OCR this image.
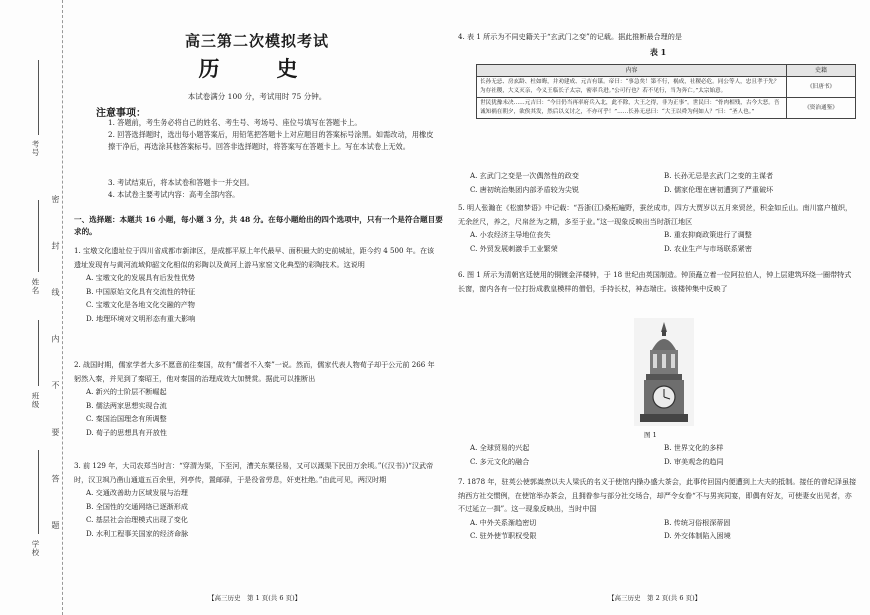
考号
姓名
班级
学校
密 封 线 内 不 要 答 题
高三第二次模拟考试
历　史
本试卷满分 100 分，考试用时 75 分钟。
注意事项：
1. 答题前，考生务必将自己的姓名、考生号、考场号、座位号填写在答题卡上。
2. 回答选择题时，选出每小题答案后，用铅笔把答题卡上对应题目的答案标号涂黑。如需改动，用橡皮擦干净后，再选涂其他答案标号。回答非选择题时，将答案写在答题卡上。写在本试卷上无效。
3. 考试结束后，将本试卷和答题卡一并交回。
4. 本试卷主要考试内容：高考全部内容。
一、选择题：本题共 16 小题，每小题 3 分，共 48 分。在每小题给出的四个选项中，只有一个是符合题目要求的。
1. 宝墩文化遗址位于四川省成都市新津区，是成都平原上年代最早、面积最大的史前城址，距今约 4 500 年。在该遗址发现有与黄河流域仰韶文化相似的彩陶以及黄河上游马家窑文化典型的彩陶技术。这说明
A. 宝墩文化的发展具有后发性优势
B. 中国原始文化具有交流性的特征
C. 宝墩文化是各地文化交融的产物
D. 地理环境对文明形态有重大影响
2. 战国时期，儒家学者大多不愿意前往秦国，故有“儒者不入秦”一说。然而，儒家代表人物荀子却于公元前 266 年躬然入秦，并见到了秦昭王，他对秦国的治理成效大加赞赏。据此可以推断出
A. 新兴的士阶层不断崛起
B. 儒法两家思想实现合流
C. 秦国治国理念有所调整
D. 荀子的思想具有开放性
3. 前 129 年，大司农郑当时言：“穿渭为渠，下至河，漕关东粟径易，又可以溉渠下民田万余顷。”(《汉书》)“汉武帝时，汉卫飒乃凿山通道五百余里，列亭传，置邮驿，于是役省劳息，奸吏杜绝。”由此可见，两汉时期
A. 交通改善助力区域发展与治理
B. 全国性的交通网络已逐渐形成
C. 基层社会治理模式出现了变化
D. 水利工程事关国家的经济命脉
【高三历史　第 1 页(共 6 页)】
4. 表 1 所示为不同史籍关于“玄武门之变”的记载。据此推断最合理的是
表 1
内容	史籍
长孙无忌、房玄龄、杜如晦，并劝建成、元吉有谋。帝曰：“事急矣！第不行，祸成，社稷必危。同公等人，忠且孝于先？为存社稷，大义灭亲，今义王临长子太宗，密率兵进。”公可行也？若不见行，当为奔亡。”太宗始意。	《旧唐书》
世民犹豫未决……元吉曰：“今日仍当再率府兵入北，此不除，大王之得，非为正事”。世民曰：“骨肉相残，古今大恶。吾诚知祸在朝夕，欲俟其发，然后以义讨之，不亦可乎！”……长孙无忌曰：“大王以舜为何如人？”曰：“圣人也。”	《资治通鉴》
A. 玄武门之变是一次偶然性的政变	B. 长孙无忌是玄武门之变的主谋者
C. 唐初统治集团内部矛盾较为尖锐	D. 儒家伦理在唐初遭到了严重破坏
5. 明人张瀚在《松窗梦语》中记载：“吾浙(江)桑柘遍野，蚕丝成市，四方大贾岁以五月来贸丝，积金如丘山。南川富户植织，无余丝尺，养之，尺帛丝为之精，多至于业。”这一现象反映出当时浙江地区
A. 小农经济主导地位丧失	B. 重农抑商政策进行了调整
C. 外贸发展刺激手工业繁荣	D. 农业生产与市场联系紧密
6. 图 1 所示为清朝宫廷使用的铜镀金洋楼钟，于 18 世纪由英国制造。钟顶矗立着一位阿拉伯人，钟上层建筑环绕一圈带特式长窗，窗内各有一位打扮成教皇模样的僧侣，手持长杖，神态端庄。该楼钟集中反映了
图 1
A. 全球贸易的兴起	B. 世界文化的多样
C. 多元文化的融合	D. 审美观念的趋同
7. 1878 年，驻英公使郭嵩焘以夫人梁氏的名义于使馆内操办盛大茶会，此事传回国内便遭到上大夫的抵制。接任的曾纪泽虽接纳西方社交惯例，在使馆举办茶会，且拥眷参与部分社交场合，却严令女眷“不与男宾同宴，即偶有好友，可使妻女出见者，亦不过延立一揖”。这一现象反映出，当时中国
A. 中外关系渐趋密切	B. 传统习俗根深蒂固
C. 驻外使节职权受限	D. 外交体制陷入困境
【高三历史　第 2 页(共 6 页)】
